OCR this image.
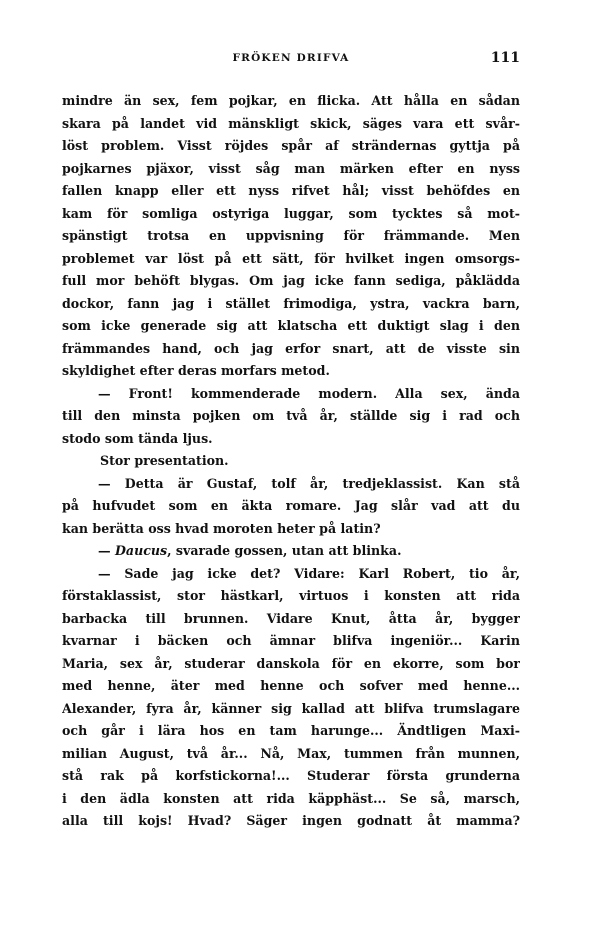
FRÖKEN DRIFVA	111
mindre än sex, fem pojkar, en flicka. Att hålla en sådan
skara på landet vid mänskligt skick, säges vara ett svår-
löst problem. Visst röjdes spår af strändernas gyttja på
pojkarnes pjäxor, visst såg man märken efter en nyss
fallen knapp eller ett nyss rifvet hål; visst behöfdes en
kam för somliga ostyriga luggar, som tycktes så mot-
spänstigt trotsa en uppvisning för främmande. Men
problemet var löst på ett sätt, för hvilket ingen omsorgs-
full mor behöft blygas. Om jag icke fann sediga, påklädda
dockor, fann jag i stället frimodiga, ystra, vackra barn,
som icke generade sig att klatscha ett duktigt slag i den
främmandes hand, och jag erfor snart, att de visste sin
skyldighet efter deras morfars metod.
— Front! kommenderade modern. Alla sex, ända
till den minsta pojken om två år, ställde sig i rad och
stodo som tända ljus.
Stor presentation.
— Detta är Gustaf, tolf år, tredjeklassist. Kan stå
på hufvudet som en äkta romare. Jag slår vad att du
kan berätta oss hvad moroten heter på latin?
— Daucus, svarade gossen, utan att blinka.
— Sade jag icke det? Vidare: Karl Robert, tio år,
förstaklassist, stor hästkarl, virtuos i konsten att rida
barbacka till brunnen. Vidare Knut, åtta år, bygger
kvarnar i bäcken och ämnar blifva ingeniör... Karin
Maria, sex år, studerar danskola för en ekorre, som bor
med henne, äter med henne och sofver med henne...
Alexander, fyra år, känner sig kallad att blifva trumslagare
och går i lära hos en tam harunge... Ändtligen Maxi-
milian August, två år... Nå, Max, tummen från munnen,
stå rak på korfstickorna!... Studerar första grunderna
i den ädla konsten att rida käpphäst... Se så, marsch,
alla till kojs! Hvad? Säger ingen godnatt åt mamma?
